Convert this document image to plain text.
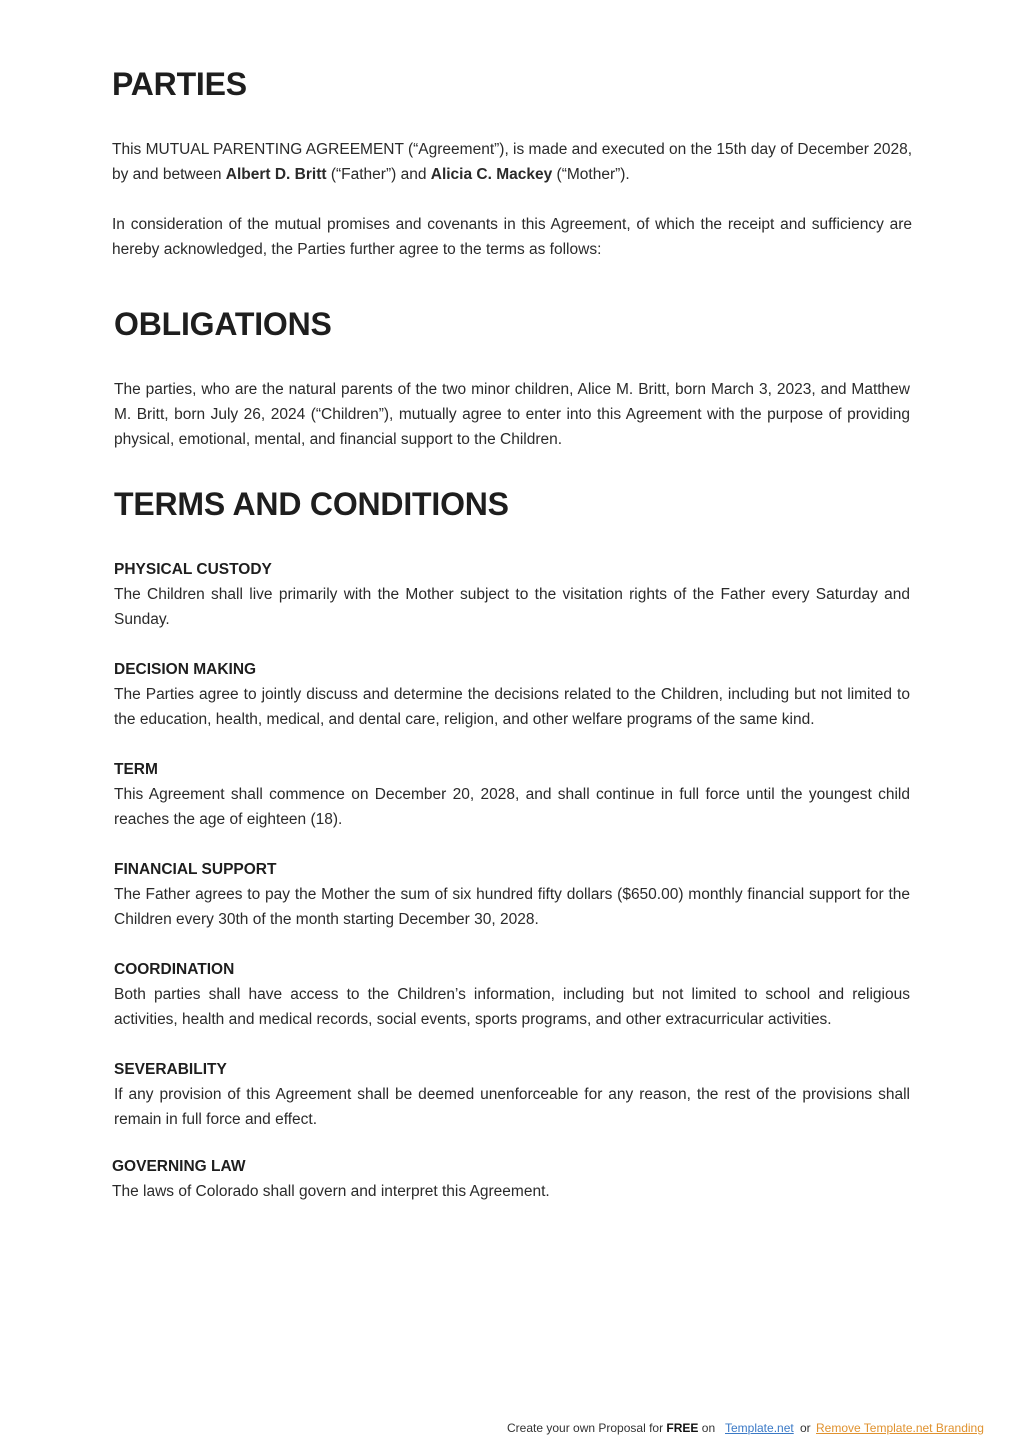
PARTIES

This MUTUAL PARENTING AGREEMENT (“Agreement”), is made and executed on the 15th day of December 2028, by and between Albert D. Britt (“Father”) and Alicia C. Mackey (“Mother”).

In consideration of the mutual promises and covenants in this Agreement, of which the receipt and sufficiency are hereby acknowledged, the Parties further agree to the terms as follows:

OBLIGATIONS

The parties, who are the natural parents of the two minor children, Alice M. Britt, born March 3, 2023, and Matthew M. Britt, born July 26, 2024 (“Children”), mutually agree to enter into this Agreement with the purpose of providing physical, emotional, mental, and financial support to the Children.

TERMS AND CONDITIONS
PHYSICAL CUSTODY

The Children shall live primarily with the Mother subject to the visitation rights of the Father every Saturday and Sunday.

DECISION MAKING

The Parties agree to jointly discuss and determine the decisions related to the Children, including but not limited to the education, health, medical, and dental care, religion, and other welfare programs of the same kind.

TERM

This Agreement shall commence on December 20, 2028, and shall continue in full force until the youngest child reaches the age of eighteen (18).

FINANCIAL SUPPORT

The Father agrees to pay the Mother the sum of six hundred fifty dollars ($650.00) monthly financial support for the Children every 30th of the month starting December 30, 2028.

COORDINATION

Both parties shall have access to the Children’s information, including but not limited to school and religious activities, health and medical records, social events, sports programs, and other extracurricular activities.

SEVERABILITY

If any provision of this Agreement shall be deemed unenforceable for any reason, the rest of the provisions shall remain in full force and effect.

GOVERNING LAW

The laws of Colorado shall govern and interpret this Agreement.

Create your own Proposal for FREE on Template.net or Remove Template.net Branding
